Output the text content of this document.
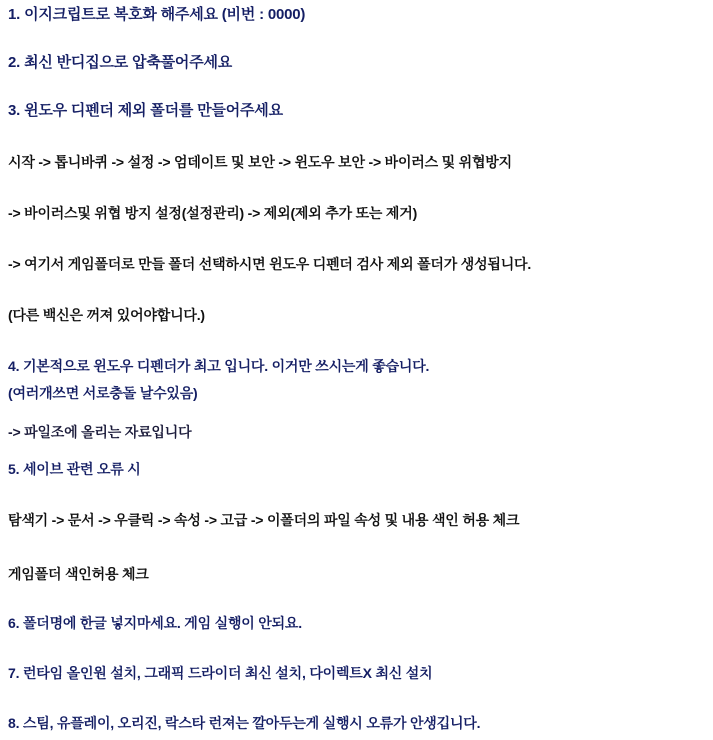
1. 이지크립트로 복호화 해주세요 (비번 : 0000)
2. 최신 반디집으로 압축풀어주세요
3. 윈도우 디펜더 제외 폴더를 만들어주세요
시작 -> 톱니바퀴 -> 설정 -> 엄데이트 및 보안 -> 윈도우 보안 -> 바이러스 및 위협방지
-> 바이러스및 위협 방지 설정(설정관리) -> 제외(제외 추가 또는 제거)
-> 여기서 게임폴더로 만들 폴더 선택하시면 윈도우 디펜더 검사 제외 폴더가 생성됩니다.
(다른 백신은 꺼져 있어야합니다.)
4. 기본적으로 윈도우 디펜더가 최고 입니다. 이거만 쓰시는게 좋습니다.
(여러개쓰면 서로충돌 날수있음)
-> 파일조에 올리는 자료입니다
5. 세이브 관련 오류 시
탐색기 -> 문서 -> 우클릭 -> 속성 -> 고급 -> 이폴더의 파일 속성 및 내용 색인 허용 체크
게임폴더 색인허용 체크
6. 폴더명에 한글 넣지마세요. 게임 실행이 안되요.
7. 런타임 올인원 설치, 그래픽 드라이더 최신 설치, 다이렉트X 최신 설치
8. 스팀, 유플레이, 오리진, 락스타 런져는 깔아두는게 실행시 오류가 안생깁니다.
